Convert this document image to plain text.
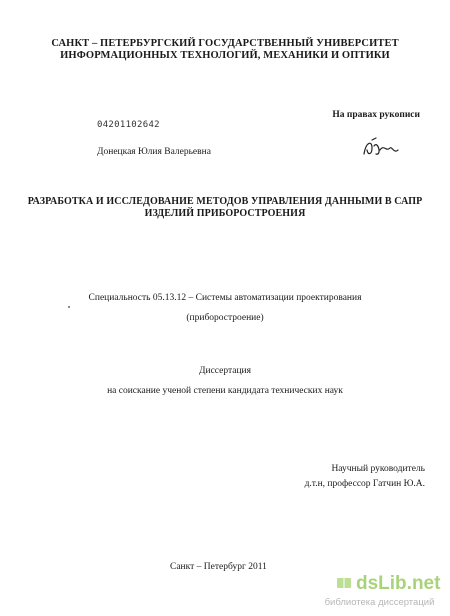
САНКТ – ПЕТЕРБУРГСКИЙ ГОСУДАРСТВЕННЫЙ УНИВЕРСИТЕТ
ИНФОРМАЦИОННЫХ ТЕХНОЛОГИЙ, МЕХАНИКИ И ОПТИКИ
На правах рукописи
04201102642
Донецкая Юлия Валерьевна
РАЗРАБОТКА И ИССЛЕДОВАНИЕ МЕТОДОВ УПРАВЛЕНИЯ ДАННЫМИ В САПР
ИЗДЕЛИЙ ПРИБОРОСТРОЕНИЯ
Специальность 05.13.12 – Системы автоматизации проектирования
(приборостроение)
Диссертация
на соискание ученой степени кандидата технических наук
Научный руководитель
д.т.н, профессор Гатчин Ю.А.
Санкт – Петербург 2011
dsLib.net
библиотека диссертаций
